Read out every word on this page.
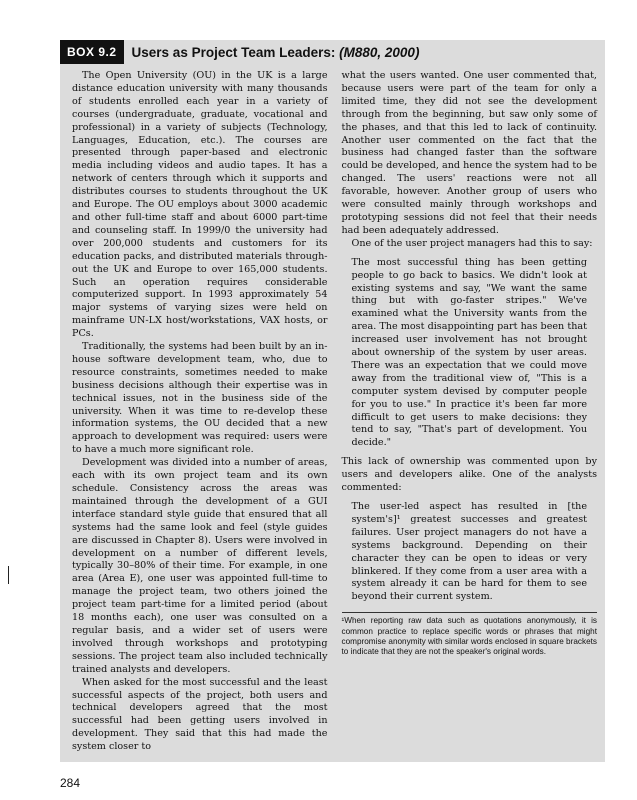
BOX 9.2	Users as Project Team Leaders: (M880, 2000)

The Open University (OU) in the UK is a large distance education university with many thousands of students enrolled each year in a variety of courses (undergraduate, graduate, vocational and professional) in a variety of subjects (Technology, Languages, Education, etc.). The courses are presented through paper-based and electronic media including videos and audio tapes. It has a network of centers through which it supports and distributes courses to students throughout the UK and Europe. The OU employs about 3000 academic and other full-time staff and about 6000 part-time and counseling staff. In 1999/0 the university had over 200,000 students and customers for its education packs, and distributed materials through-out the UK and Europe to over 165,000 students. Such an operation requires considerable computerized support. In 1993 approximately 54 major systems of varying sizes were held on mainframe UN-LX host/workstations, VAX hosts, or PCs.

Traditionally, the systems had been built by an in-house software development team, who, due to resource constraints, sometimes needed to make business decisions although their expertise was in technical issues, not in the business side of the university. When it was time to re-develop these information systems, the OU decided that a new approach to development was required: users were to have a much more significant role.

Development was divided into a number of areas, each with its own project team and its own schedule. Consistency across the areas was maintained through the development of a GUI interface standard style guide that ensured that all systems had the same look and feel (style guides are discussed in Chapter 8). Users were involved in development on a number of different levels, typically 30–80% of their time. For example, in one area (Area E), one user was appointed full-time to manage the project team, two others joined the project team part-time for a limited period (about 18 months each), one user was consulted on a regular basis, and a wider set of users were involved through workshops and prototyping sessions. The project team also included technically trained analysts and developers.

When asked for the most successful and the least successful aspects of the project, both users and technical developers agreed that the most successful had been getting users involved in development. They said that this had made the system closer to

what the users wanted. One user commented that, because users were part of the team for only a limited time, they did not see the development through from the beginning, but saw only some of the phases, and that this led to lack of continuity. Another user commented on the fact that the business had changed faster than the software could be developed, and hence the system had to be changed. The users' reactions were not all favorable, however. Another group of users who were consulted mainly through workshops and prototyping sessions did not feel that their needs had been adequately addressed.

One of the user project managers had this to say:

The most successful thing has been getting people to go back to basics. We didn't look at existing systems and say, "We want the same thing but with go-faster stripes." We've examined what the University wants from the area. The most disappointing part has been that increased user involvement has not brought about ownership of the system by user areas. There was an expectation that we could move away from the traditional view of, "This is a computer system devised by computer people for you to use." In practice it's been far more difficult to get users to make decisions: they tend to say, "That's part of development. You decide."

This lack of ownership was commented upon by users and developers alike. One of the analysts commented:

The user-led aspect has resulted in [the system's]¹ greatest successes and greatest failures. User project managers do not have a systems background. Depending on their character they can be open to ideas or very blinkered. If they come from a user area with a system already it can be hard for them to see beyond their current system.

¹When reporting raw data such as quotations anonymously, it is common practice to replace specific words or phrases that might compromise anonymity with similar words enclosed in square brackets to indicate that they are not the speaker's original words.

284
